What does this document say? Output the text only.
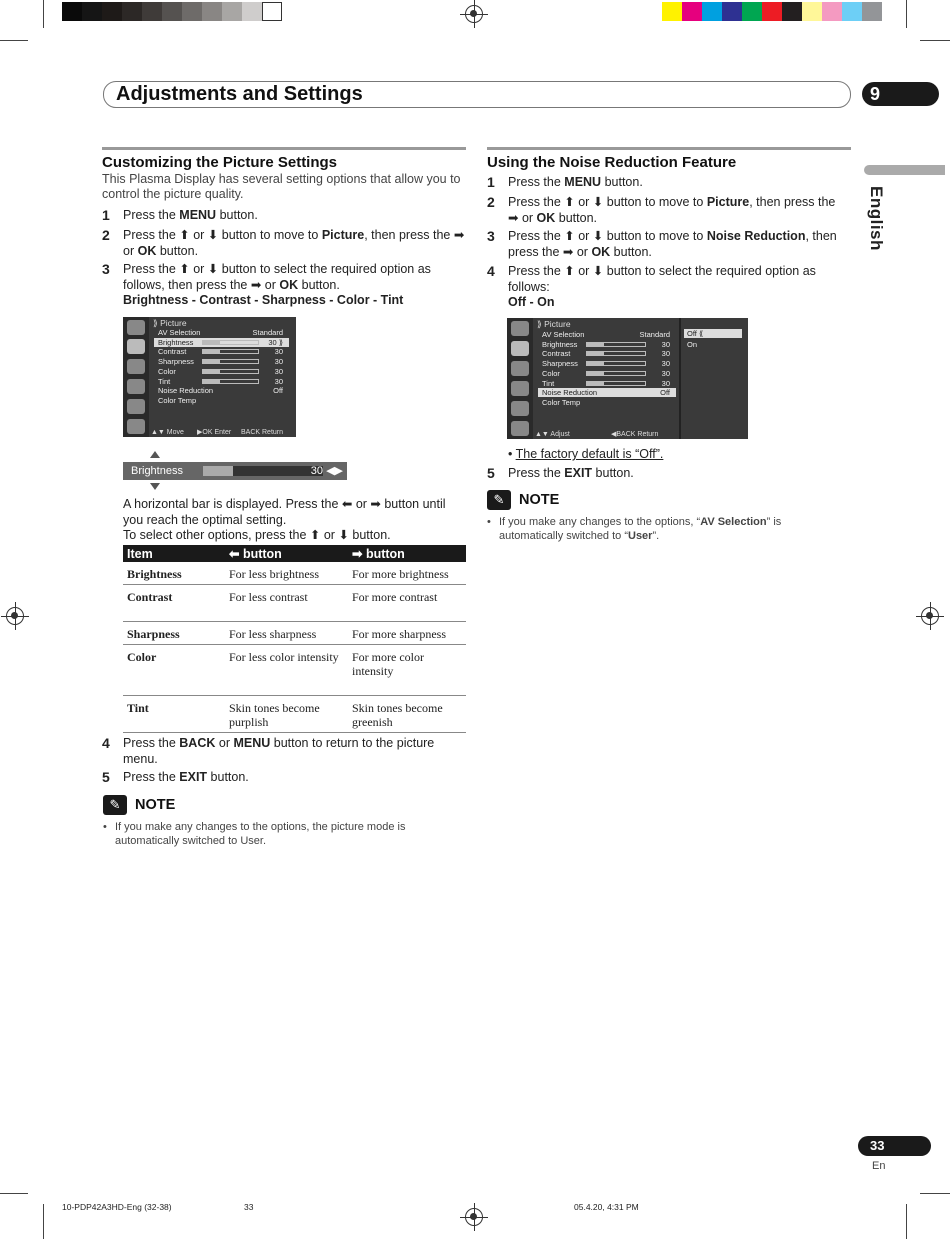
Adjustments and Settings	9
English
Customizing the Picture Settings
This Plasma Display has several setting options that allow you to control the picture quality.
1 Press the MENU button.
2 Press the ⬆ or ⬇ button to move to Picture, then press the ➡ or OK button.
3 Press the ⬆ or ⬇ button to select the required option as follows, then press the ➡ or OK button.
Brightness - Contrast - Sharpness - Color - Tint
⟫ Picture
AV Selection	Standard
Brightness	30 ⟫
Contrast	30
Sharpness	30
Color	30
Tint	30
Noise Reduction	Off
Color Temp
▲▼ Move ▶OK Enter BACK Return
Brightness	30 ◀▶
A horizontal bar is displayed. Press the ⬅ or ➡ button until you reach the optimal setting.
To select other options, press the ⬆ or ⬇ button.
Item	⬅ button	➡ button
Brightness	For less brightness	For more brightness
Contrast	For less contrast	For more contrast
Sharpness	For less sharpness	For more sharpness
Color	For less color intensity	For more color intensity
Tint	Skin tones become purplish	Skin tones become greenish
4 Press the BACK or MENU button to return to the picture menu.
5 Press the EXIT button.
✎	NOTE
• If you make any changes to the options, the picture mode is automatically switched to User.
Using the Noise Reduction Feature
1 Press the MENU button.
2 Press the ⬆ or ⬇ button to move to Picture, then press the ➡ or OK button.
3 Press the ⬆ or ⬇ button to move to Noise Reduction, then press the ➡ or OK button.
4 Press the ⬆ or ⬇ button to select the required option as follows:
Off - On
⟫ Picture
AV Selection	Standard
Brightness	30
Contrast	30
Sharpness	30
Color	30
Tint	30
Noise Reduction	Off
Color Temp
Off ⟪
On
▲▼ Adjust	◀BACK Return
• The factory default is “Off”.
5 Press the EXIT button.
✎	NOTE
• If you make any changes to the options, “AV Selection” is automatically switched to “User”.
33
En
10-PDP42A3HD-Eng (32-38)	33	05.4.20, 4:31 PM
